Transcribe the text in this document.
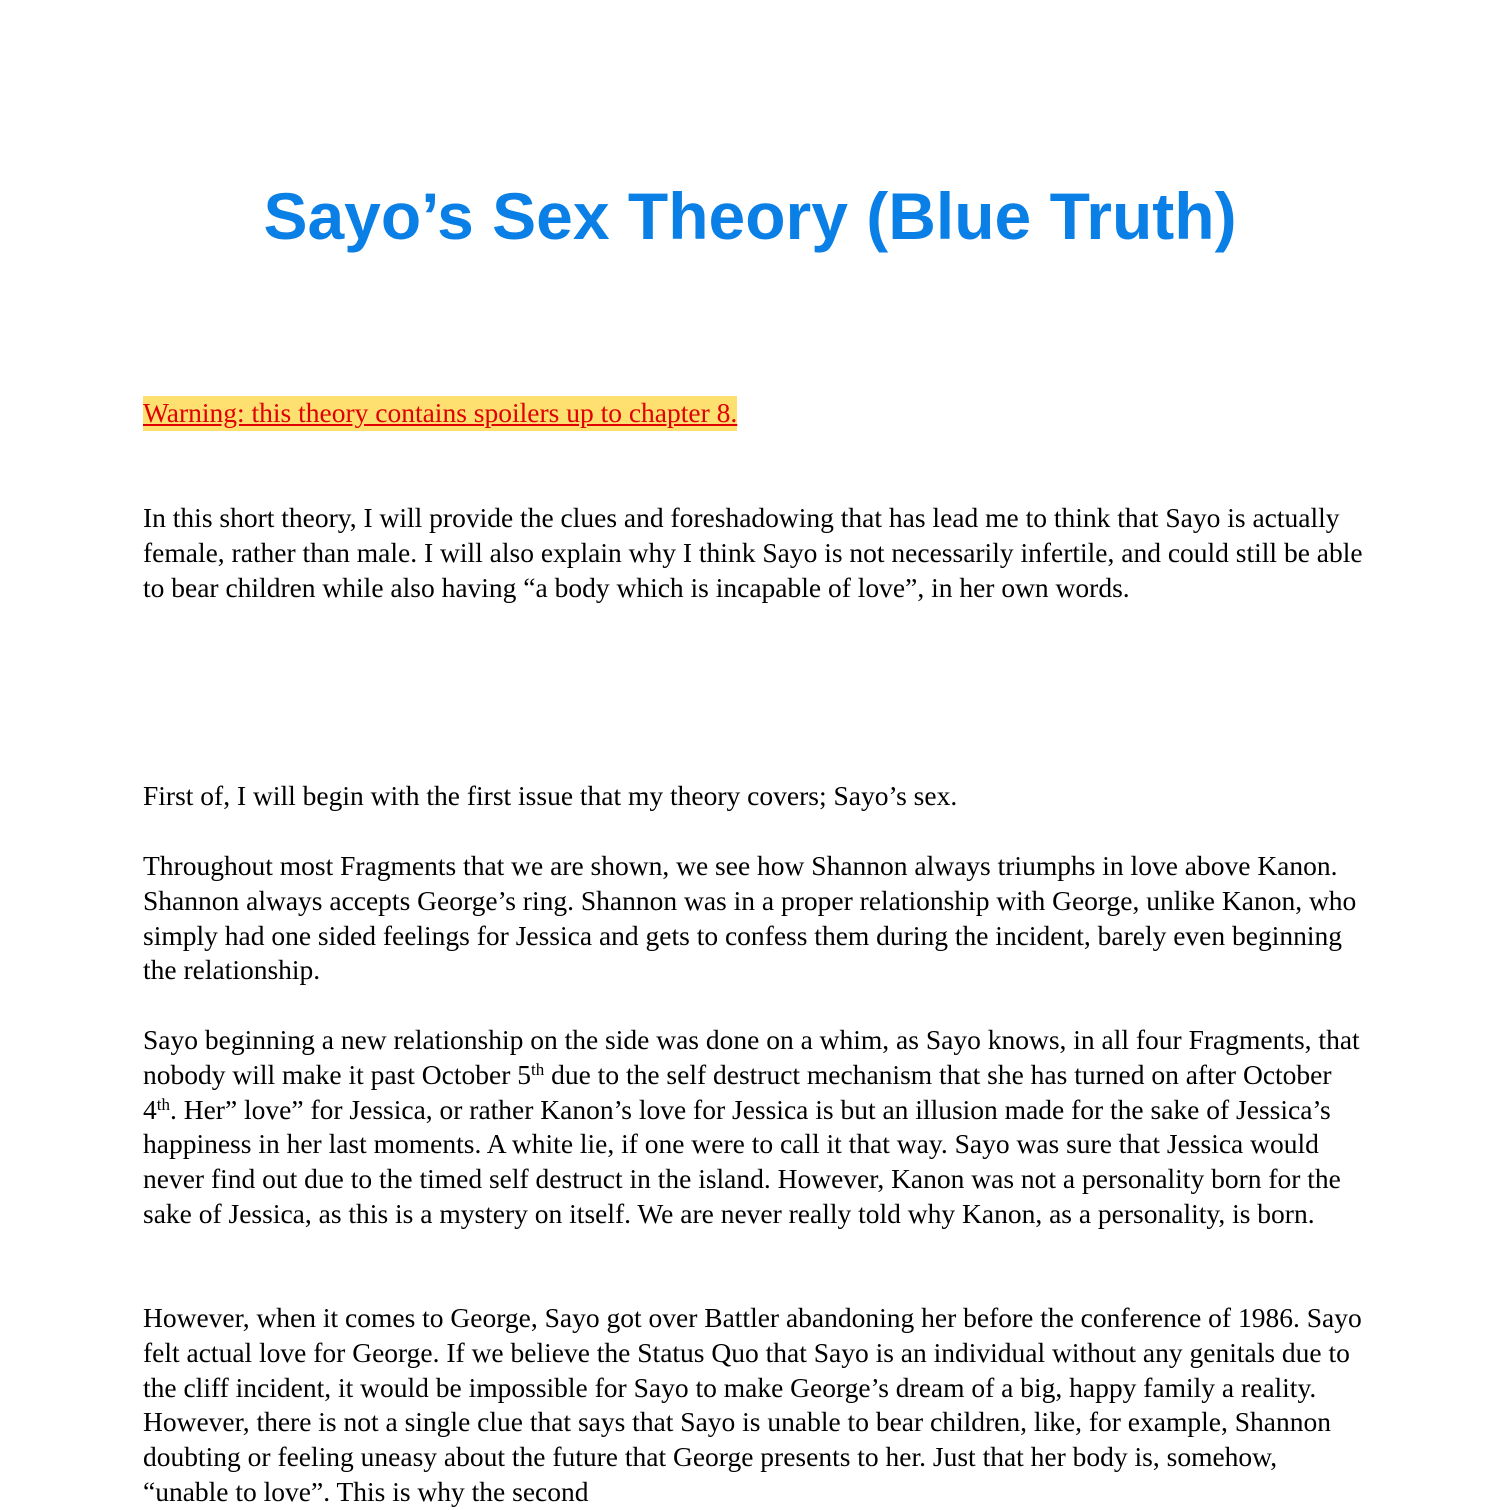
Sayo’s Sex Theory (Blue Truth)

Warning: this theory contains spoilers up to chapter 8.

In this short theory, I will provide the clues and foreshadowing that has lead me to think that Sayo is actually female, rather than male. I will also explain why I think Sayo is not necessarily infertile, and could still be able to bear children while also having “a body which is incapable of love”, in her own words.

First of, I will begin with the first issue that my theory covers; Sayo’s sex.

Throughout most Fragments that we are shown, we see how Shannon always triumphs in love above Kanon. Shannon always accepts George’s ring. Shannon was in a proper relationship with George, unlike Kanon, who simply had one sided feelings for Jessica and gets to confess them during the incident, barely even beginning the relationship.

Sayo beginning a new relationship on the side was done on a whim, as Sayo knows, in all four Fragments, that nobody will make it past October 5th due to the self destruct mechanism that she has turned on after October 4th. Her” love” for Jessica, or rather Kanon’s love for Jessica is but an illusion made for the sake of Jessica’s happiness in her last moments. A white lie, if one were to call it that way. Sayo was sure that Jessica would never find out due to the timed self destruct in the island. However, Kanon was not a personality born for the sake of Jessica, as this is a mystery on itself. We are never really told why Kanon, as a personality, is born.

However, when it comes to George, Sayo got over Battler abandoning her before the conference of 1986. Sayo felt actual love for George. If we believe the Status Quo that Sayo is an individual without any genitals due to the cliff incident, it would be impossible for Sayo to make George’s dream of a big, happy family a reality. However, there is not a single clue that says that Sayo is unable to bear children, like, for example, Shannon doubting or feeling uneasy about the future that George presents to her. Just that her body is, somehow, “unable to love”. This is why the second
